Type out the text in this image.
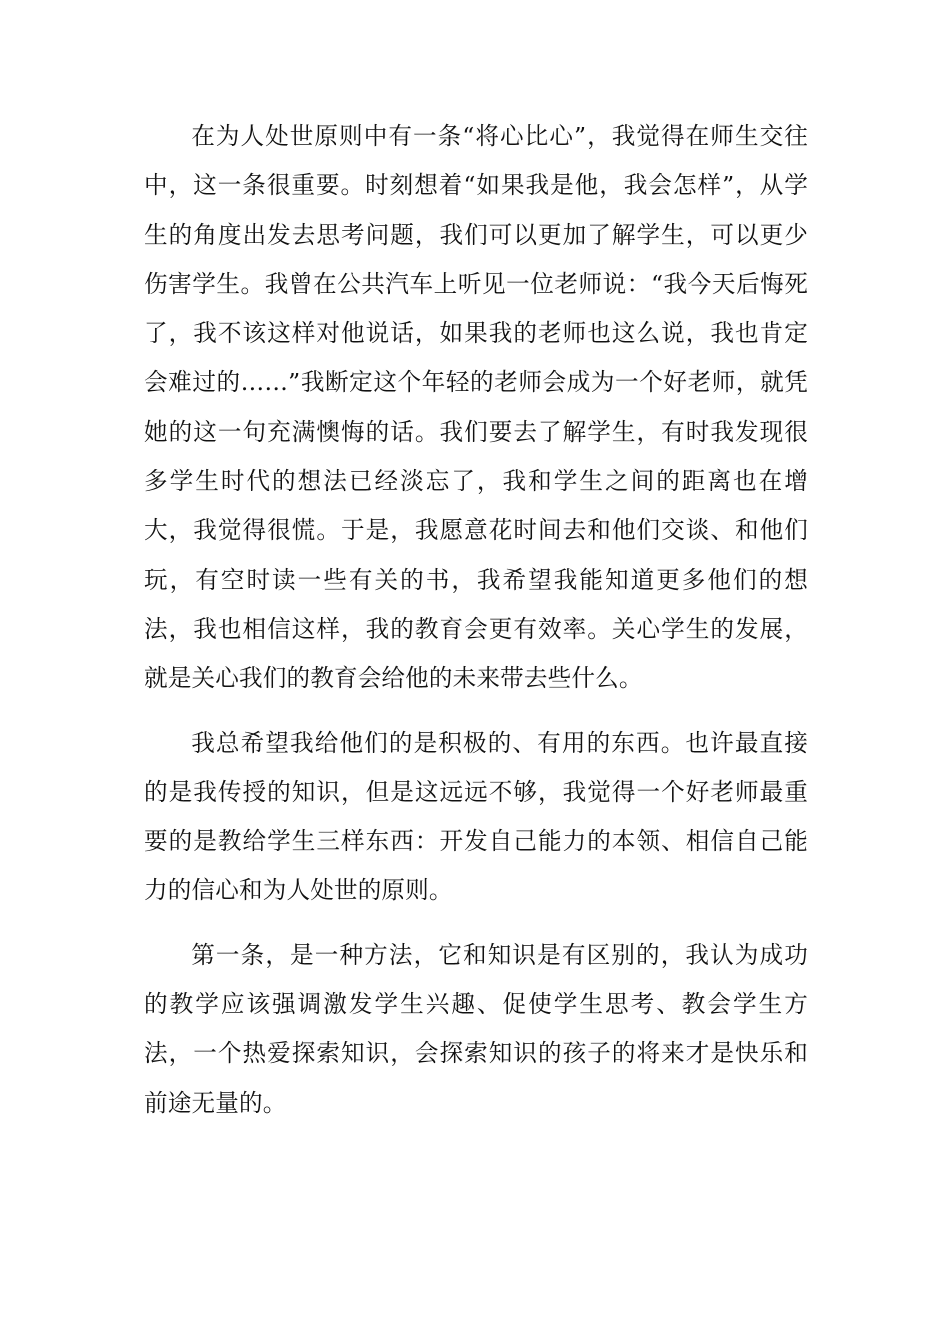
在为人处世原则中有一条“将心比心”，我觉得在师生交往中，这一条很重要。时刻想着“如果我是他，我会怎样”，从学生的角度出发去思考问题，我们可以更加了解学生，可以更少伤害学生。我曾在公共汽车上听见一位老师说：“我今天后悔死了，我不该这样对他说话，如果我的老师也这么说，我也肯定会难过的……”我断定这个年轻的老师会成为一个好老师，就凭她的这一句充满懊悔的话。我们要去了解学生，有时我发现很多学生时代的想法已经淡忘了，我和学生之间的距离也在增大，我觉得很慌。于是，我愿意花时间去和他们交谈、和他们玩，有空时读一些有关的书，我希望我能知道更多他们的想法，我也相信这样，我的教育会更有效率。关心学生的发展，就是关心我们的教育会给他的未来带去些什么。

我总希望我给他们的是积极的、有用的东西。也许最直接的是我传授的知识，但是这远远不够，我觉得一个好老师最重要的是教给学生三样东西：开发自己能力的本领、相信自己能力的信心和为人处世的原则。

第一条，是一种方法，它和知识是有区别的，我认为成功的教学应该强调激发学生兴趣、促使学生思考、教会学生方法，一个热爱探索知识，会探索知识的孩子的将来才是快乐和前途无量的。
